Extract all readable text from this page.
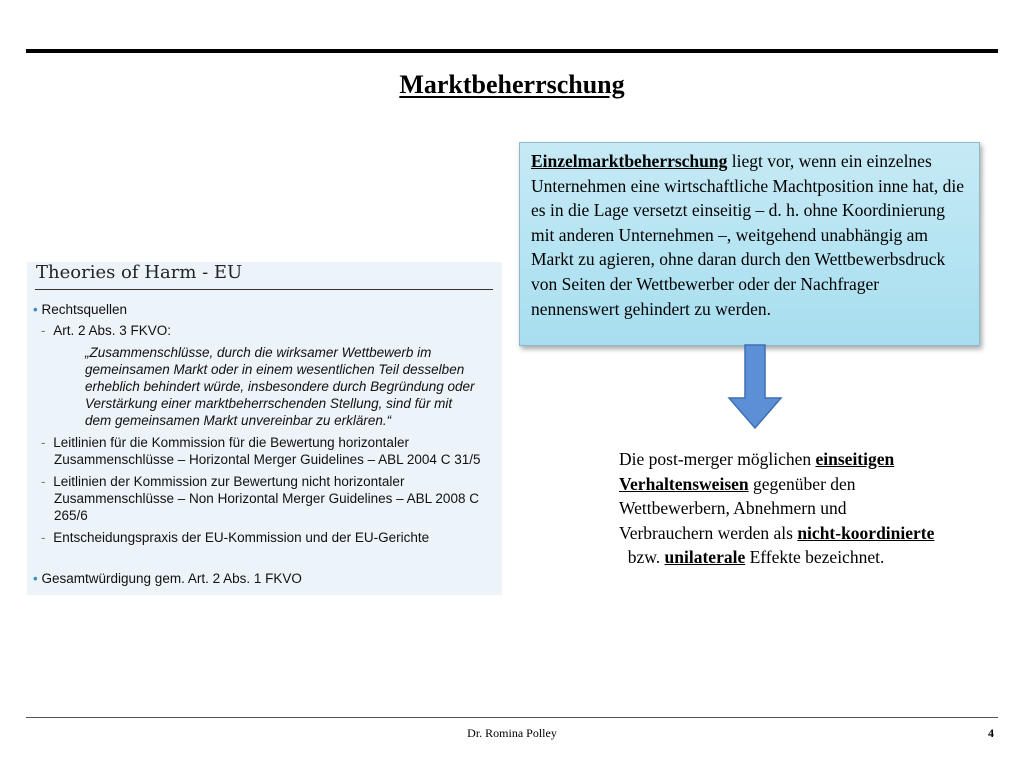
Marktbeherrschung
Theories of Harm - EU
• Rechtsquellen
- Art. 2 Abs. 3 FKVO:
„Zusammenschlüsse, durch die wirksamer Wettbewerb im
gemeinsamen Markt oder in einem wesentlichen Teil desselben
erheblich behindert würde, insbesondere durch Begründung oder
Verstärkung einer marktbeherrschenden Stellung, sind für mit
dem gemeinsamen Markt unvereinbar zu erklären.“
- Leitlinien für die Kommission für die Bewertung horizontaler
Zusammenschlüsse – Horizontal Merger Guidelines – ABL 2004 C 31/5
- Leitlinien der Kommission zur Bewertung nicht horizontaler
Zusammenschlüsse – Non Horizontal Merger Guidelines – ABL 2008 C
265/6
- Entscheidungspraxis der EU-Kommission und der EU-Gerichte
• Gesamtwürdigung gem. Art. 2 Abs. 1 FKVO
Einzelmarktbeherrschung liegt vor, wenn ein einzelnes Unternehmen eine wirtschaftliche Machtposition inne hat, die es in die Lage versetzt einseitig – d. h. ohne Koordinierung mit anderen Unternehmen –, weitgehend unabhängig am Markt zu agieren, ohne daran durch den Wettbewerbsdruck von Seiten der Wettbewerber oder der Nachfrager nennenswert gehindert zu werden.
Die post-merger möglichen einseitigen Verhaltensweisen gegenüber den Wettbewerbern, Abnehmern und Verbrauchern werden als nicht-koordinierte  bzw. unilaterale Effekte bezeichnet.
Dr. Romina Polley	4
